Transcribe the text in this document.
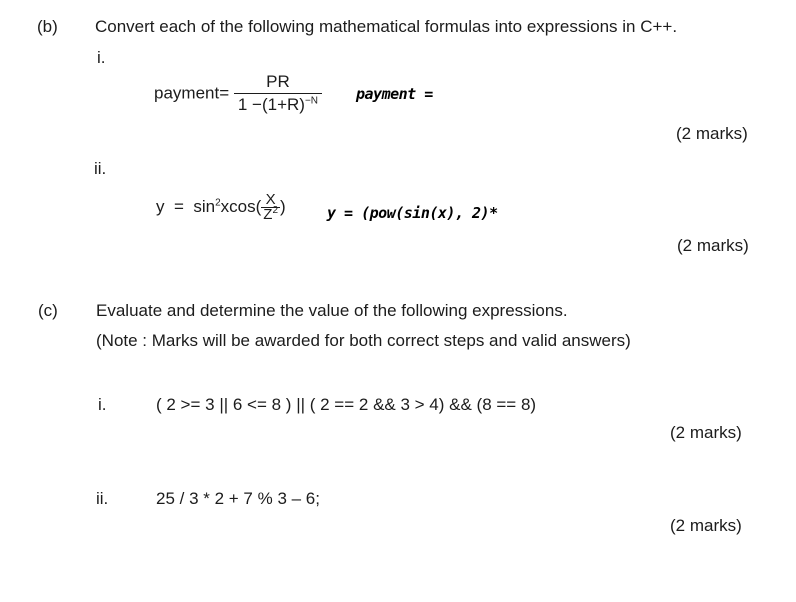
(b) Convert each of the following mathematical formulas into expressions in C++.
i.
payment= $\frac{PR}{1 -(1+R)^{-N}}$ payment =
(2 marks)
ii.
$y = \sin^2xcos( \frac{X}{Z^2}$ )	y = (pow(sin(x), 2)*
(2 marks)
(c) Evaluate and determine the value of the following expressions.
(Note : Marks will be awarded for both correct steps and valid answers)
i.	( 2 >= 3 || 6 <= 8 ) || ( 2 == 2 && 3 > 4) && (8 == 8)
(2 marks)
ii.	25 / 3 * 2 + 7 % 3 – 6;
(2 marks)
